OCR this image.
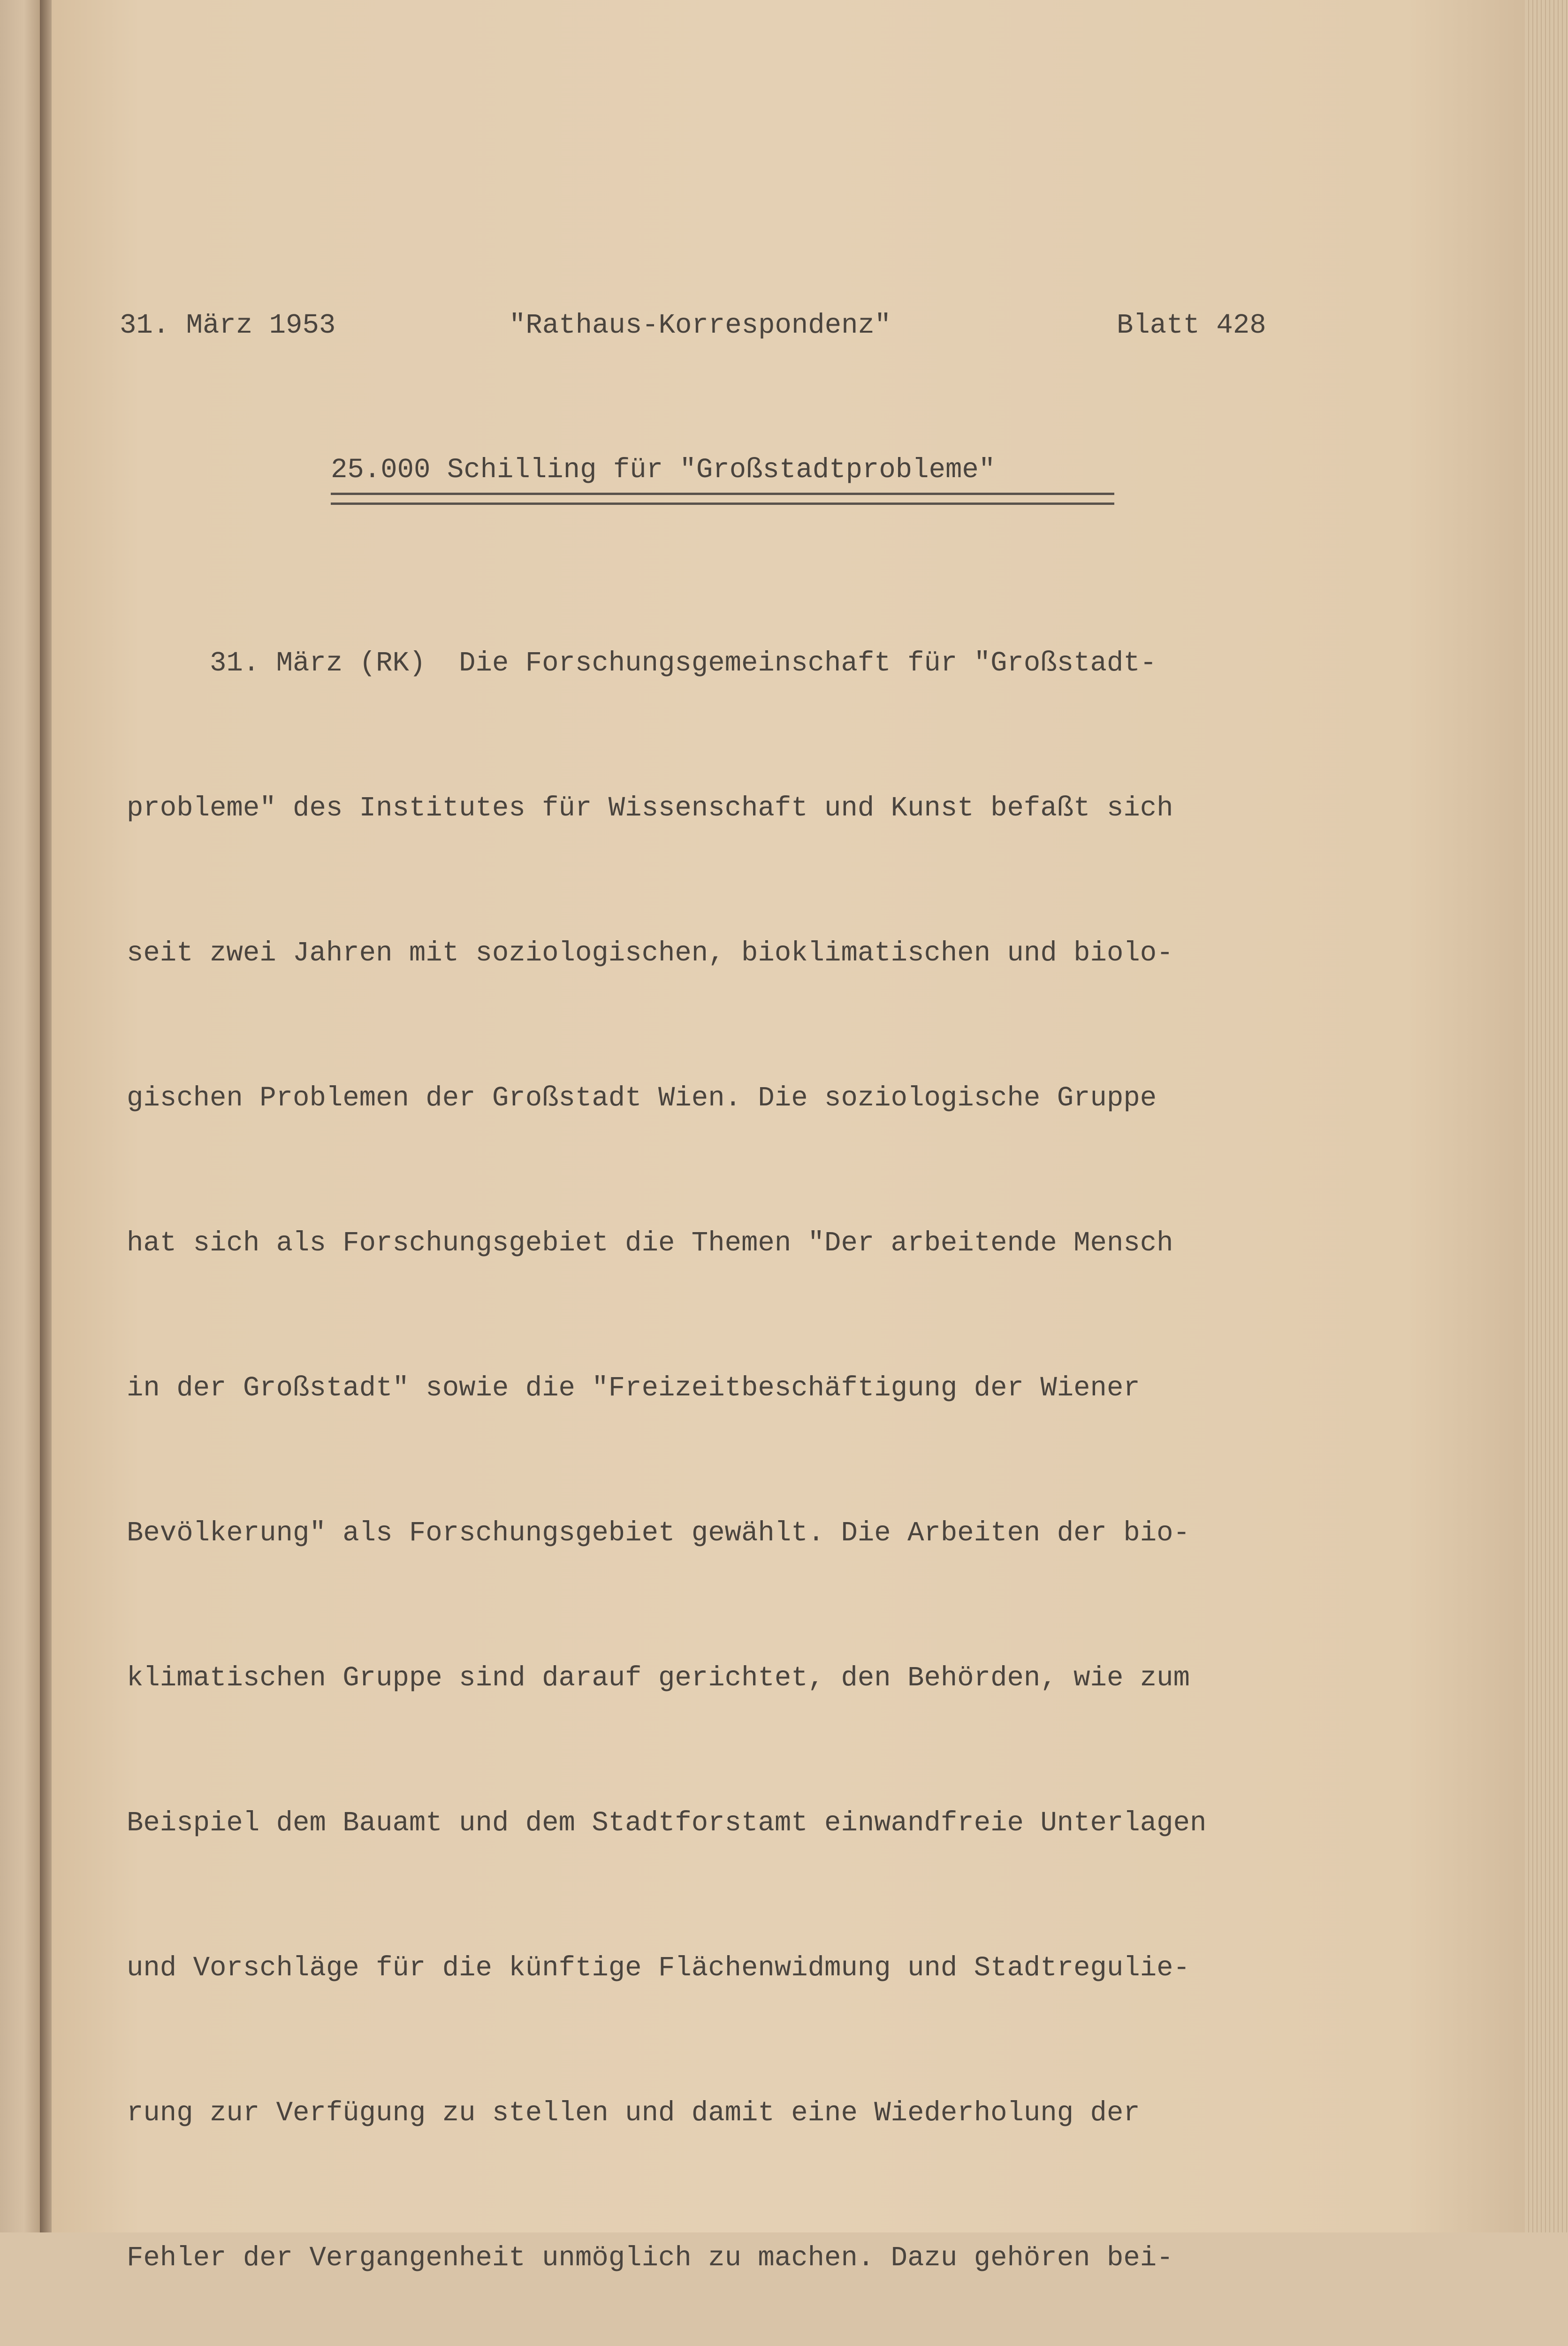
31. März 1953	"Rathaus-Korrespondenz"	Blatt 428
25.000 Schilling für "Großstadtprobleme"

31. März (RK)  Die Forschungsgemeinschaft für "Großstadt-

probleme" des Institutes für Wissenschaft und Kunst befaßt sich

seit zwei Jahren mit soziologischen, bioklimatischen und biolo-

gischen Problemen der Großstadt Wien. Die soziologische Gruppe

hat sich als Forschungsgebiet die Themen "Der arbeitende Mensch

in der Großstadt" sowie die "Freizeitbeschäftigung der Wiener

Bevölkerung" als Forschungsgebiet gewählt. Die Arbeiten der bio-

klimatischen Gruppe sind darauf gerichtet, den Behörden, wie zum

Beispiel dem Bauamt und dem Stadtforstamt einwandfreie Unterlagen

und Vorschläge für die künftige Flächenwidmung und Stadtregulie-

rung zur Verfügung zu stellen und damit eine Wiederholung der

Fehler der Vergangenheit unmöglich zu machen. Dazu gehören bei-
